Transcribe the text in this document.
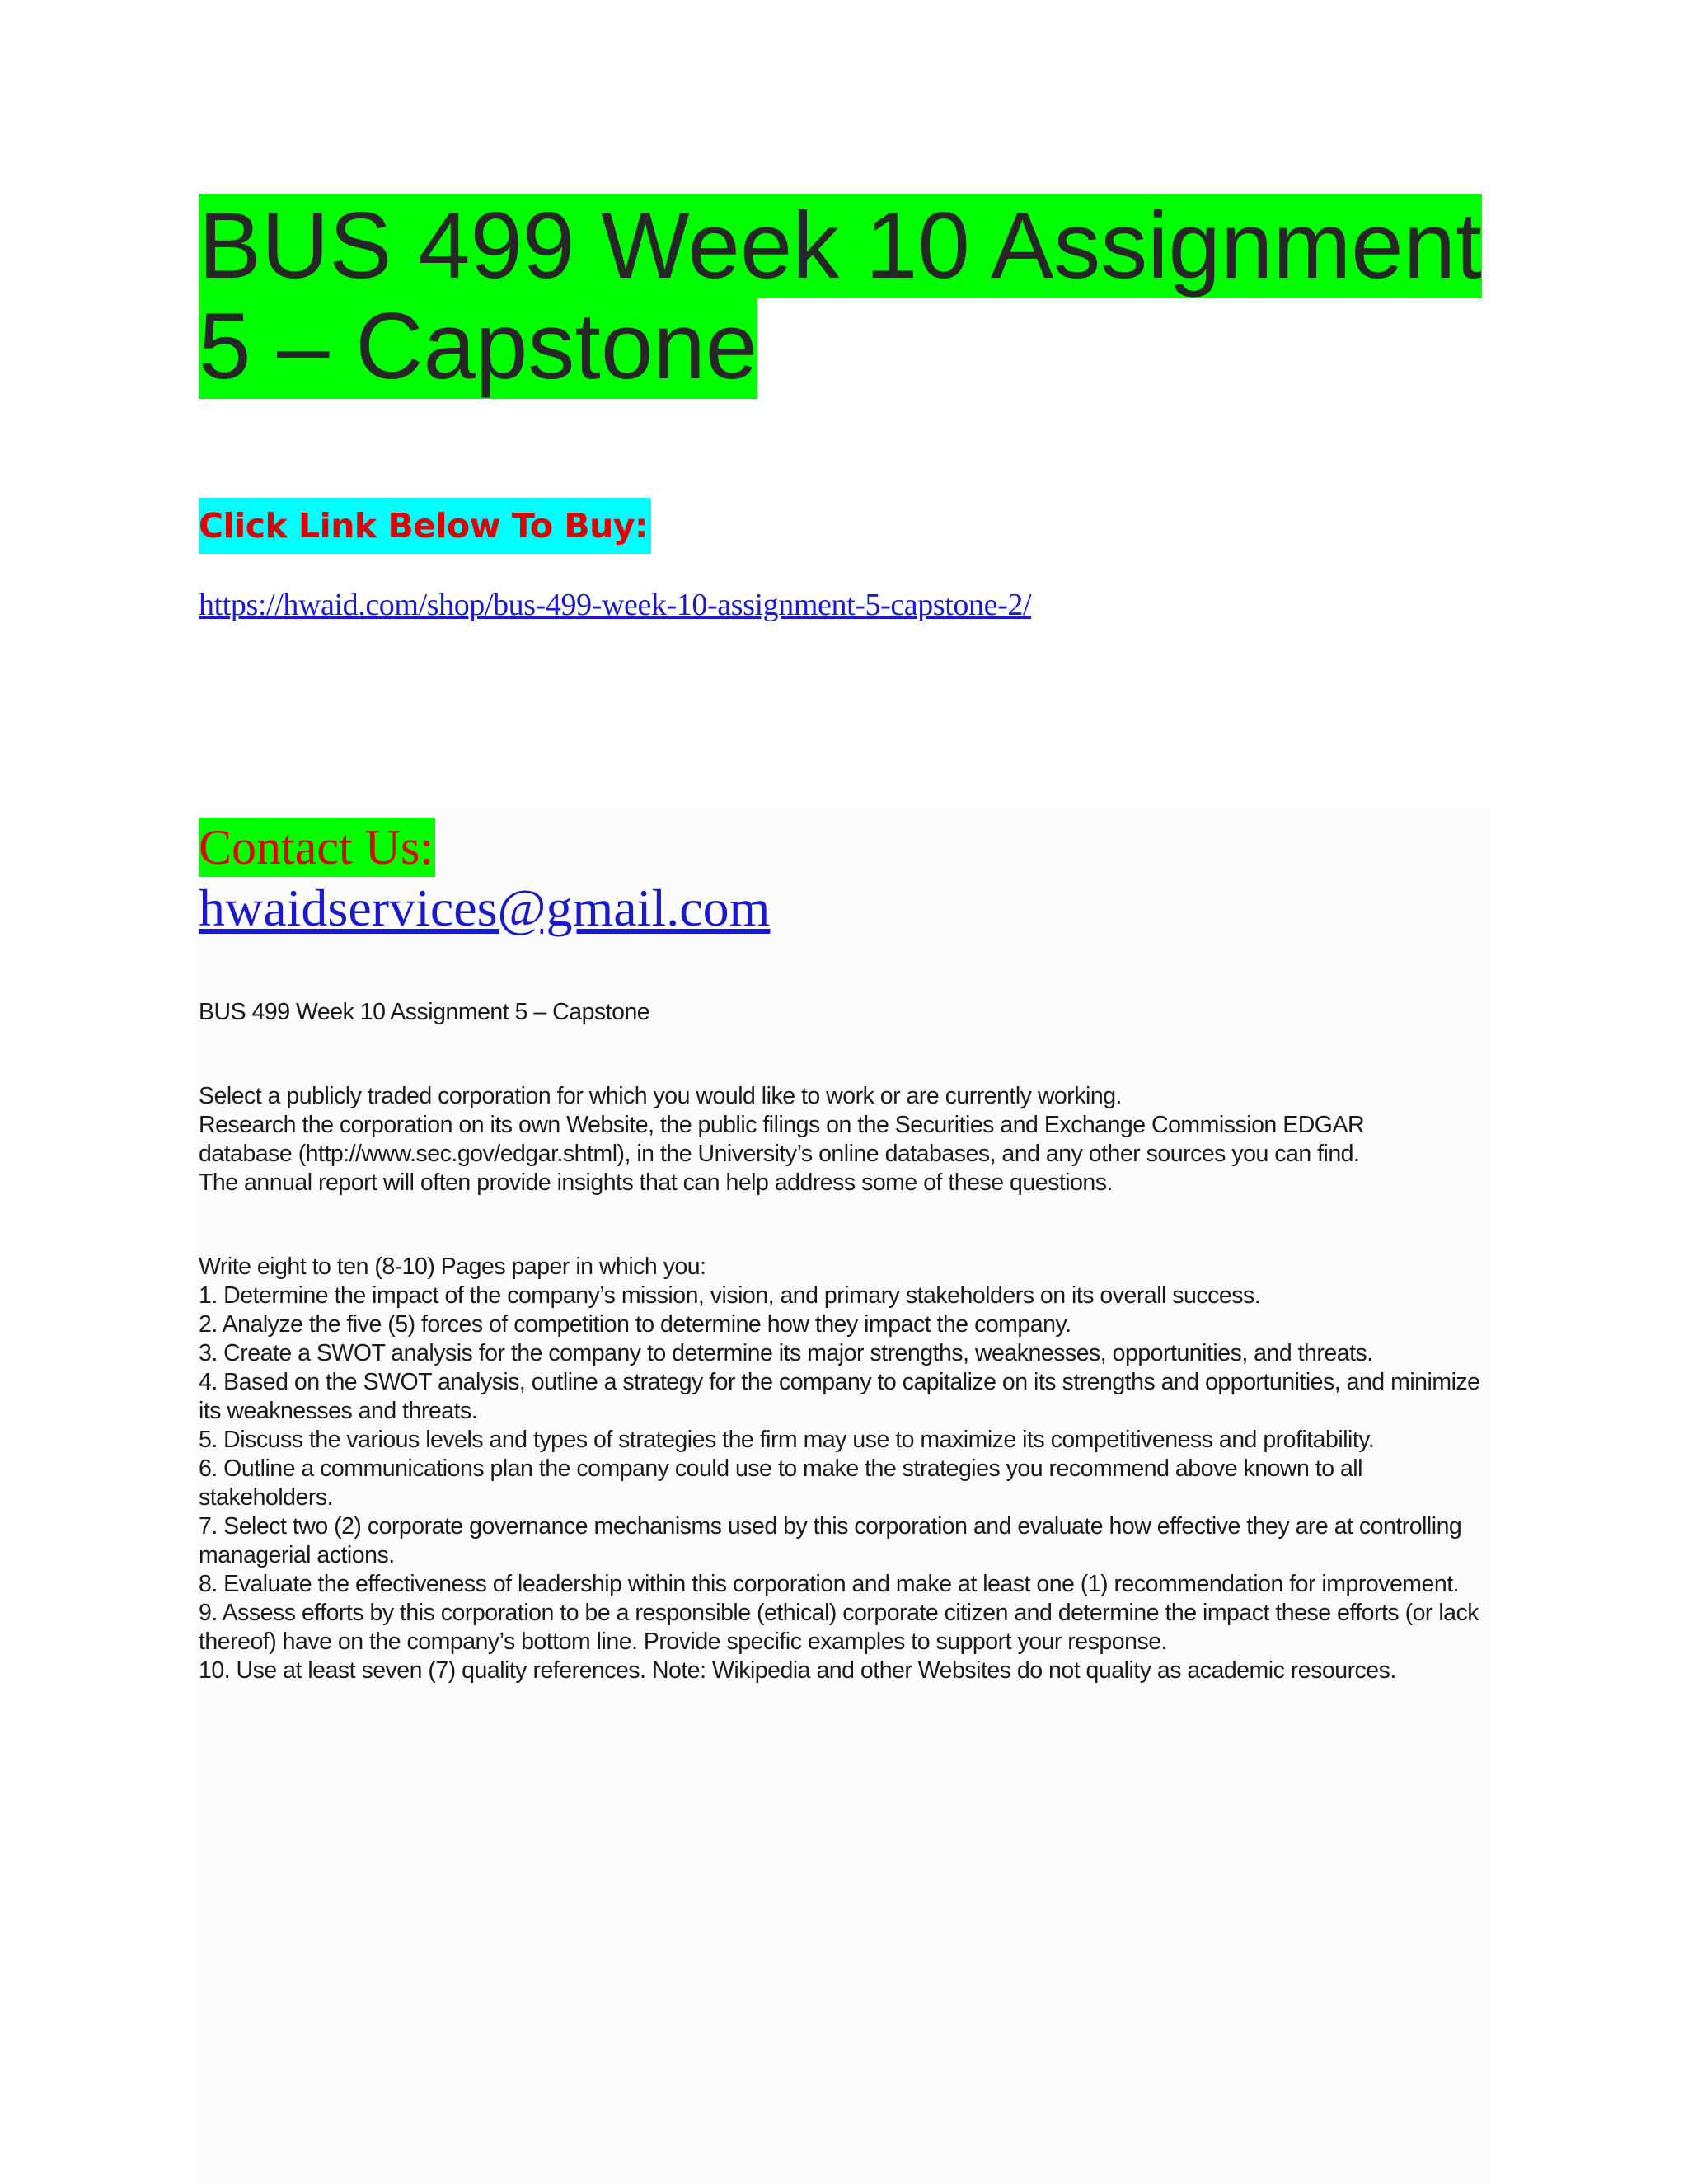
BUS 499 Week 10 Assignment 5 – Capstone
Click Link Below To Buy:
https://hwaid.com/shop/bus-499-week-10-assignment-5-capstone-2/
Contact Us:
hwaidservices@gmail.com
BUS 499 Week 10 Assignment 5 – Capstone
Select a publicly traded corporation for which you would like to work or are currently working.
Research the corporation on its own Website, the public filings on the Securities and Exchange Commission EDGAR
database (http://www.sec.gov/edgar.shtml), in the University’s online databases, and any other sources you can find.
The annual report will often provide insights that can help address some of these questions.
Write eight to ten (8-10) Pages paper in which you:
1. Determine the impact of the company’s mission, vision, and primary stakeholders on its overall success.
2. Analyze the five (5) forces of competition to determine how they impact the company.
3. Create a SWOT analysis for the company to determine its major strengths, weaknesses, opportunities, and threats.
4. Based on the SWOT analysis, outline a strategy for the company to capitalize on its strengths and opportunities, and minimize its weaknesses and threats.
5. Discuss the various levels and types of strategies the firm may use to maximize its competitiveness and profitability.
6. Outline a communications plan the company could use to make the strategies you recommend above known to all stakeholders.
7. Select two (2) corporate governance mechanisms used by this corporation and evaluate how effective they are at controlling managerial actions.
8. Evaluate the effectiveness of leadership within this corporation and make at least one (1) recommendation for improvement.
9. Assess efforts by this corporation to be a responsible (ethical) corporate citizen and determine the impact these efforts (or lack thereof) have on the company’s bottom line. Provide specific examples to support your response.
10. Use at least seven (7) quality references. Note: Wikipedia and other Websites do not quality as academic resources.
